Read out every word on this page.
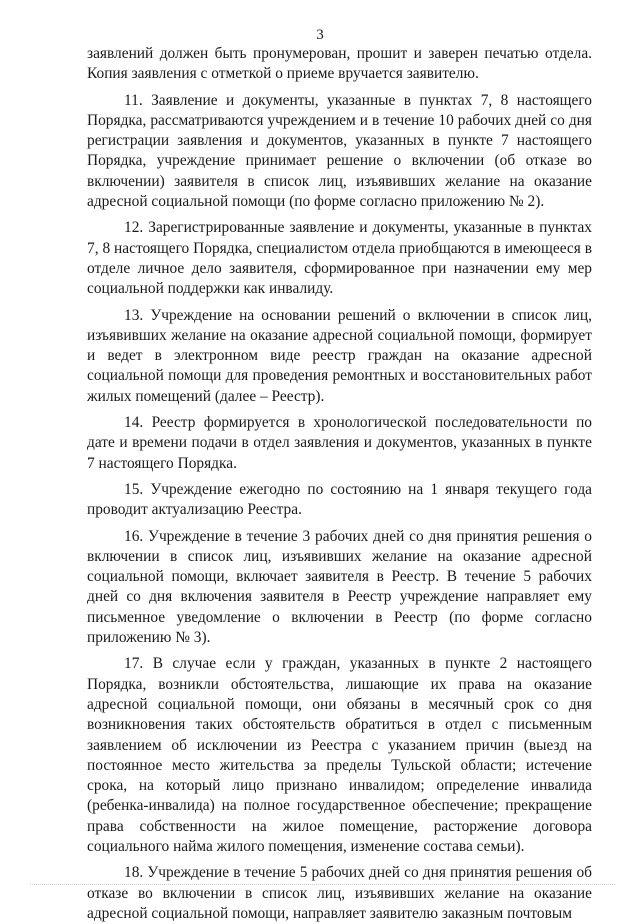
3

заявлений должен быть пронумерован, прошит и заверен печатью отдела. Копия заявления с отметкой о приеме вручается заявителю.

11. Заявление и документы, указанные в пунктах 7, 8 настоящего Порядка, рассматриваются учреждением и в течение 10 рабочих дней со дня регистрации заявления и документов, указанных в пункте 7 настоящего Порядка, учреждение принимает решение о включении (об отказе во включении) заявителя в список лиц, изъявивших желание на оказание адресной социальной помощи (по форме согласно приложению № 2).

12. Зарегистрированные заявление и документы, указанные в пунктах 7, 8 настоящего Порядка, специалистом отдела приобщаются в имеющееся в отделе личное дело заявителя, сформированное при назначении ему мер социальной поддержки как инвалиду.

13. Учреждение на основании решений о включении в список лиц, изъявивших желание на оказание адресной социальной помощи, формирует и ведет в электронном виде реестр граждан на оказание адресной социальной помощи для проведения ремонтных и восстановительных работ жилых помещений (далее – Реестр).

14. Реестр формируется в хронологической последовательности по дате и времени подачи в отдел заявления и документов, указанных в пункте 7 настоящего Порядка.

15. Учреждение ежегодно по состоянию на 1 января текущего года проводит актуализацию Реестра.

16. Учреждение в течение 3 рабочих дней со дня принятия решения о включении в список лиц, изъявивших желание на оказание адресной социальной помощи, включает заявителя в Реестр. В течение 5 рабочих дней со дня включения заявителя в Реестр учреждение направляет ему письменное уведомление о включении в Реестр (по форме согласно приложению № 3).

17. В случае если у граждан, указанных в пункте 2 настоящего Порядка, возникли обстоятельства, лишающие их права на оказание адресной социальной помощи, они обязаны в месячный срок со дня возникновения таких обстоятельств обратиться в отдел с письменным заявлением об исключении из Реестра с указанием причин (выезд на постоянное место жительства за пределы Тульской области; истечение срока, на который лицо признано инвалидом; определение инвалида (ребенка-инвалида) на полное государственное обеспечение; прекращение права собственности на жилое помещение, расторжение договора социального найма жилого помещения, изменение состава семьи).

18. Учреждение в течение 5 рабочих дней со дня принятия решения об отказе во включении в список лиц, изъявивших желание на оказание адресной социальной помощи, направляет заявителю заказным почтовым
